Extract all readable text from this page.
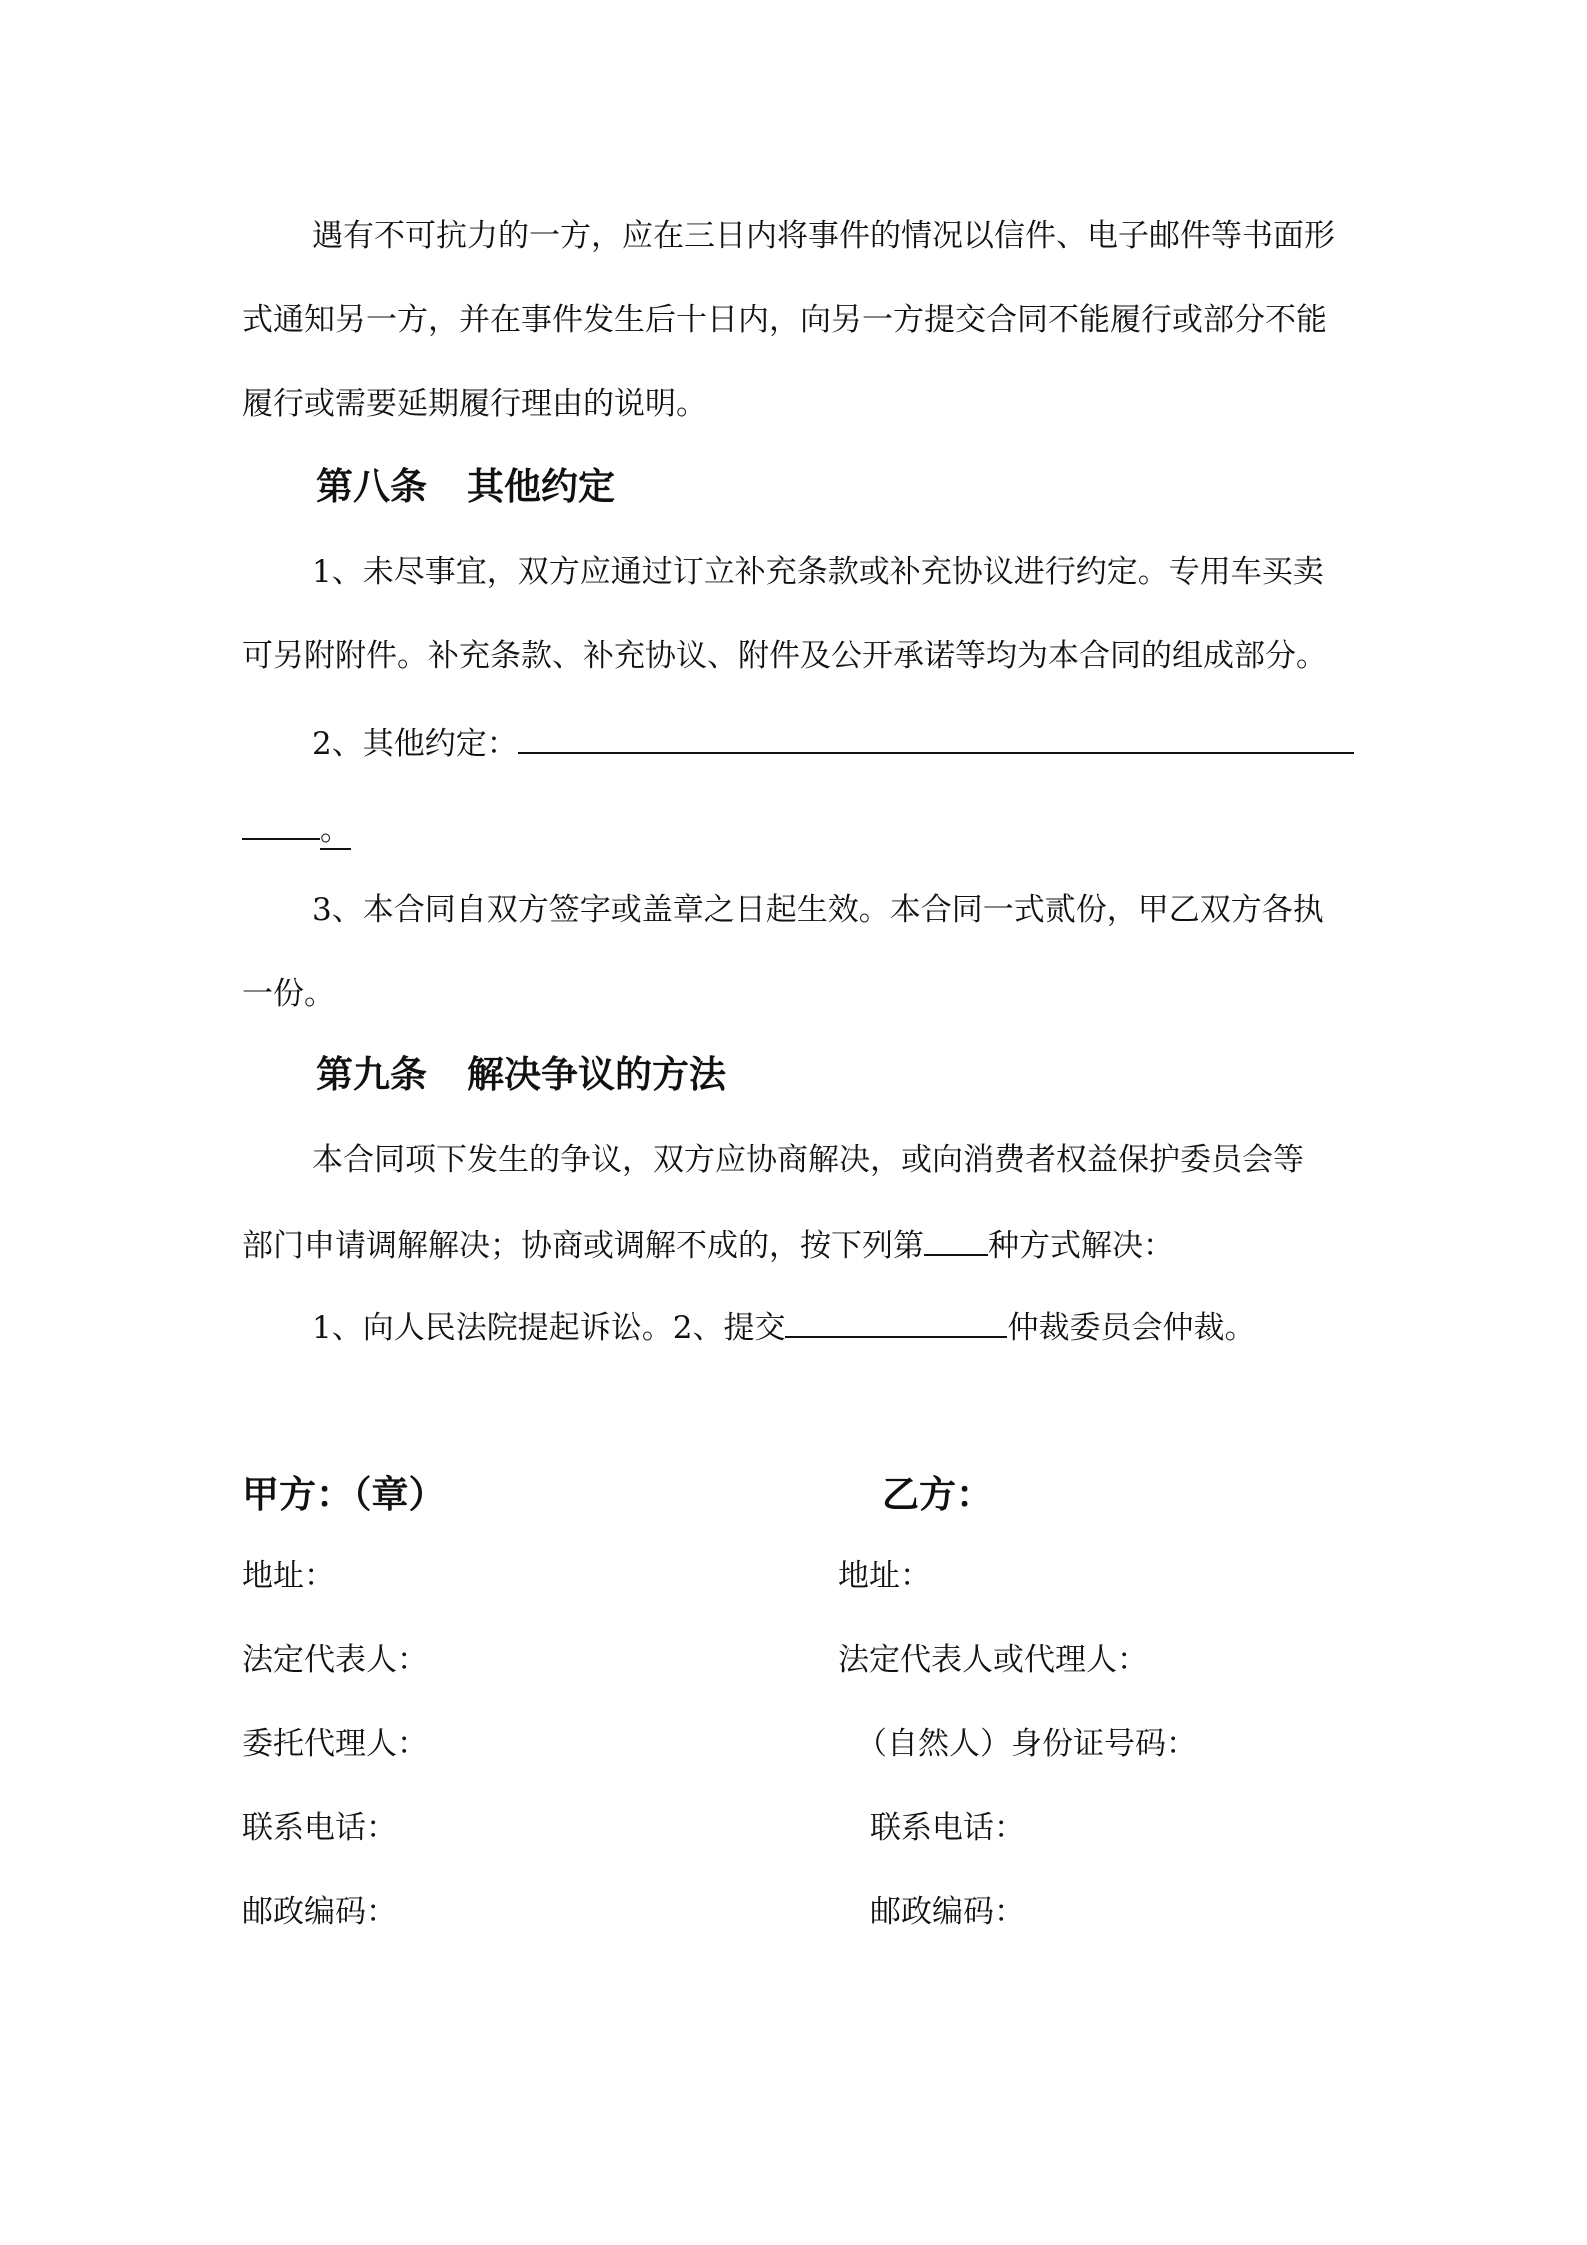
遇有不可抗力的一方，应在三日内将事件的情况以信件、电子邮件等书面形
式通知另一方，并在事件发生后十日内，向另一方提交合同不能履行或部分不能
履行或需要延期履行理由的说明。
第八条 其他约定
1、未尽事宜，双方应通过订立补充条款或补充协议进行约定。专用车买卖
可另附附件。补充条款、补充协议、附件及公开承诺等均为本合同的组成部分。
2、其他约定：
。
3、本合同自双方签字或盖章之日起生效。本合同一式贰份，甲乙双方各执
一份。
第九条 解决争议的方法
本合同项下发生的争议，双方应协商解决，或向消费者权益保护委员会等
部门申请调解解决；协商或调解不成的，按下列第 种方式解决：
1、向人民法院提起诉讼。2、提交	仲裁委员会仲裁。
甲方：（章）
地址：
法定代表人：
委托代理人：
联系电话：
邮政编码：
乙方：
地址：
法定代表人或代理人：
（自然人）身份证号码：
联系电话：
邮政编码：
